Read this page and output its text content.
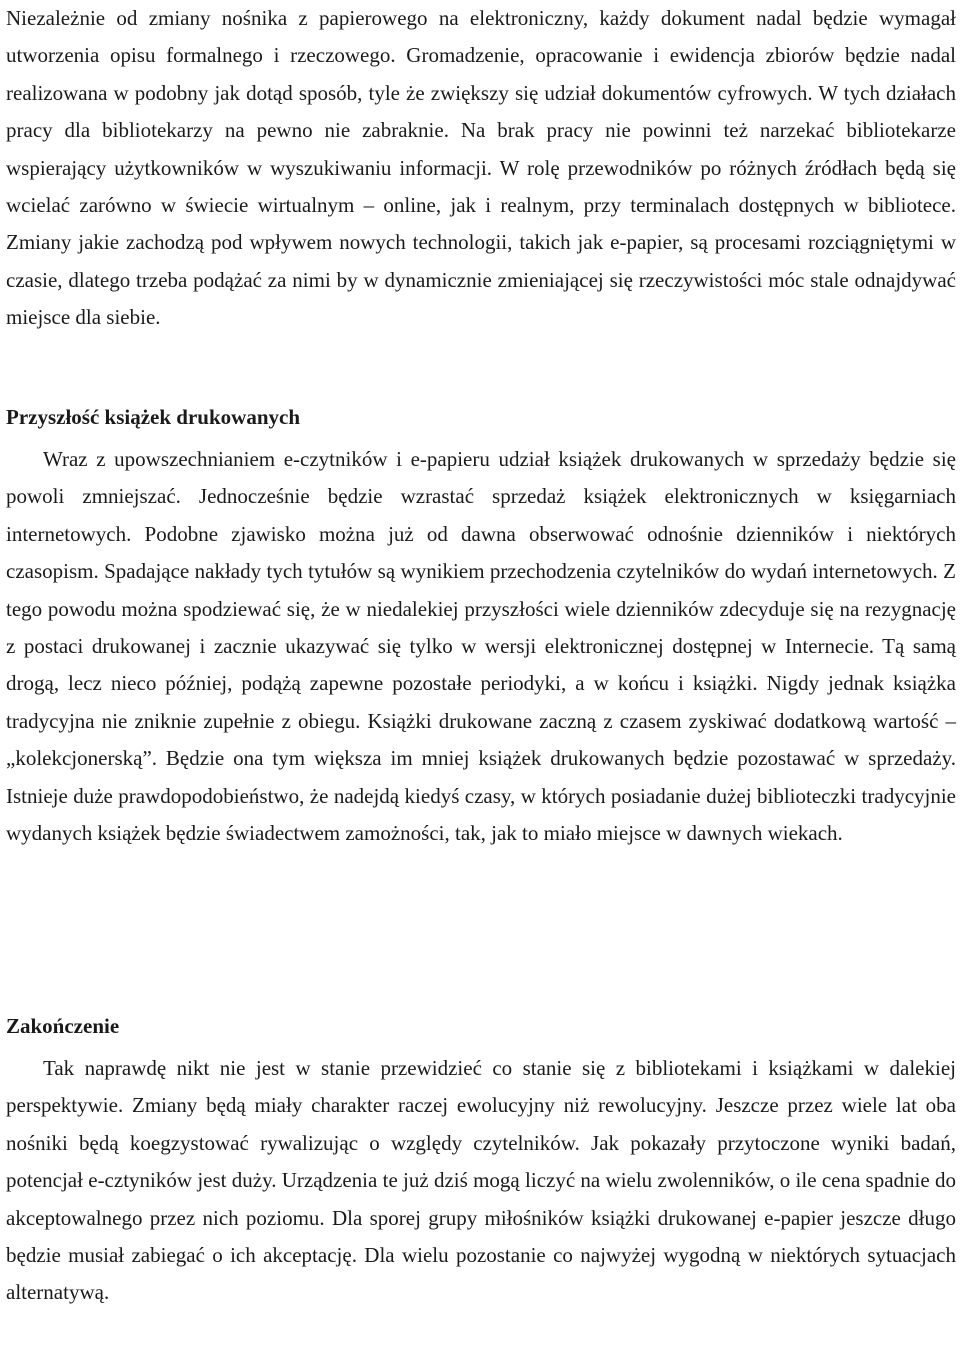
Niezależnie od zmiany nośnika z papierowego na elektroniczny, każdy dokument nadal będzie wymagał utworzenia opisu formalnego i rzeczowego. Gromadzenie, opracowanie i ewidencja zbiorów będzie nadal realizowana w podobny jak dotąd sposób, tyle że zwiększy się udział dokumentów cyfrowych. W tych działach pracy dla bibliotekarzy na pewno nie zabraknie. Na brak pracy nie powinni też narzekać bibliotekarze wspierający użytkowników w wyszukiwaniu informacji. W rolę przewodników po różnych źródłach będą się wcielać zarówno w świecie wirtualnym – online, jak i realnym, przy terminalach dostępnych w bibliotece. Zmiany jakie zachodzą pod wpływem nowych technologii, takich jak e-papier, są procesami rozciągniętymi w czasie, dlatego trzeba podążać za nimi by w dynamicznie zmieniającej się rzeczywistości móc stale odnajdywać miejsce dla siebie.

Przyszłość książek drukowanych

Wraz z upowszechnianiem e-czytników i e-papieru udział książek drukowanych w sprzedaży będzie się powoli zmniejszać. Jednocześnie będzie wzrastać sprzedaż książek elektronicznych w księgarniach internetowych. Podobne zjawisko można już od dawna obserwować odnośnie dzienników i niektórych czasopism. Spadające nakłady tych tytułów są wynikiem przechodzenia czytelników do wydań internetowych. Z tego powodu można spodziewać się, że w niedalekiej przyszłości wiele dzienników zdecyduje się na rezygnację z postaci drukowanej i zacznie ukazywać się tylko w wersji elektronicznej dostępnej w Internecie. Tą samą drogą, lecz nieco później, podążą zapewne pozostałe periodyki, a w końcu i książki. Nigdy jednak książka tradycyjna nie zniknie zupełnie z obiegu. Książki drukowane zaczną z czasem zyskiwać dodatkową wartość – „kolekcjonerską”. Będzie ona tym większa im mniej książek drukowanych będzie pozostawać w sprzedaży. Istnieje duże prawdopodobieństwo, że nadejdą kiedyś czasy, w których posiadanie dużej biblioteczki tradycyjnie wydanych książek będzie świadectwem zamożności, tak, jak to miało miejsce w dawnych wiekach.

Zakończenie

Tak naprawdę nikt nie jest w stanie przewidzieć co stanie się z bibliotekami i książkami w dalekiej perspektywie. Zmiany będą miały charakter raczej ewolucyjny niż rewolucyjny. Jeszcze przez wiele lat oba nośniki będą koegzystować rywalizując o względy czytelników. Jak pokazały przytoczone wyniki badań, potencjał e-cztyników jest duży. Urządzenia te już dziś mogą liczyć na wielu zwolenników, o ile cena spadnie do akceptowalnego przez nich poziomu. Dla sporej grupy miłośników książki drukowanej e-papier jeszcze długo będzie musiał zabiegać o ich akceptację. Dla wielu pozostanie co najwyżej wygodną w niektórych sytuacjach alternatywą.
